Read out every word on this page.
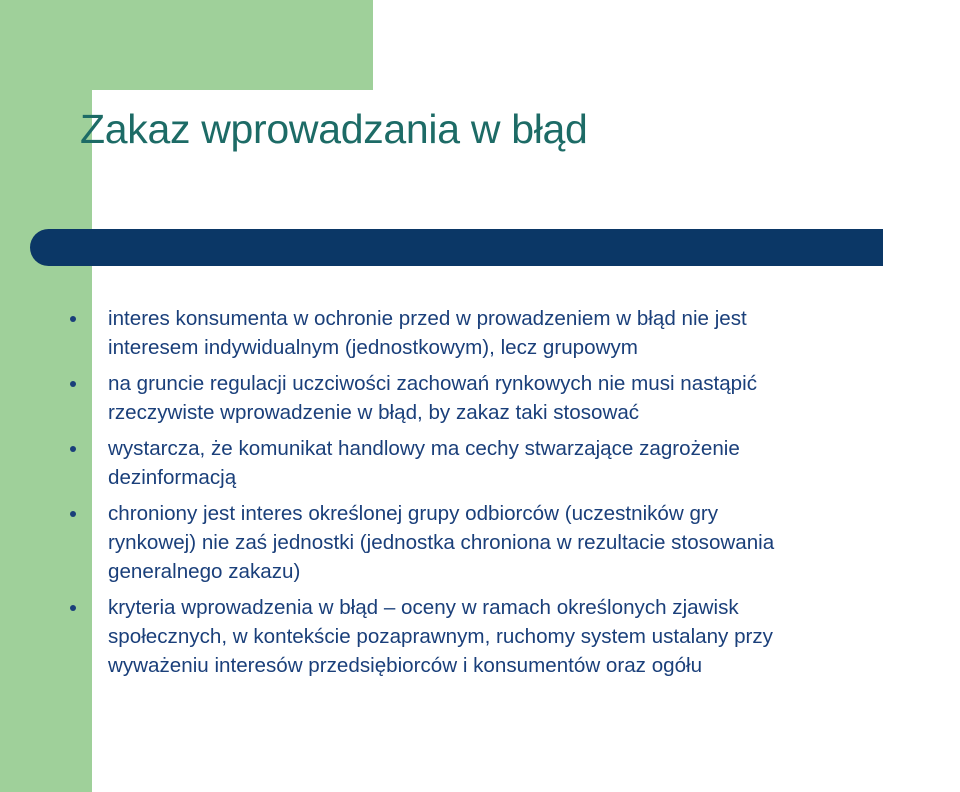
Zakaz wprowadzania w błąd
interes konsumenta w ochronie przed w prowadzeniem w błąd nie jest
interesem indywidualnym (jednostkowym), lecz grupowym
na gruncie regulacji uczciwości zachowań rynkowych nie musi nastąpić
rzeczywiste wprowadzenie w błąd, by zakaz taki stosować
wystarcza, że komunikat handlowy ma cechy stwarzające zagrożenie
dezinformacją
chroniony jest interes określonej grupy odbiorców (uczestników gry
rynkowej) nie zaś jednostki (jednostka chroniona w rezultacie stosowania
generalnego zakazu)
kryteria wprowadzenia w błąd – oceny w ramach określonych zjawisk
społecznych, w kontekście pozaprawnym, ruchomy system ustalany przy
wyważeniu interesów przedsiębiorców i konsumentów oraz ogółu
